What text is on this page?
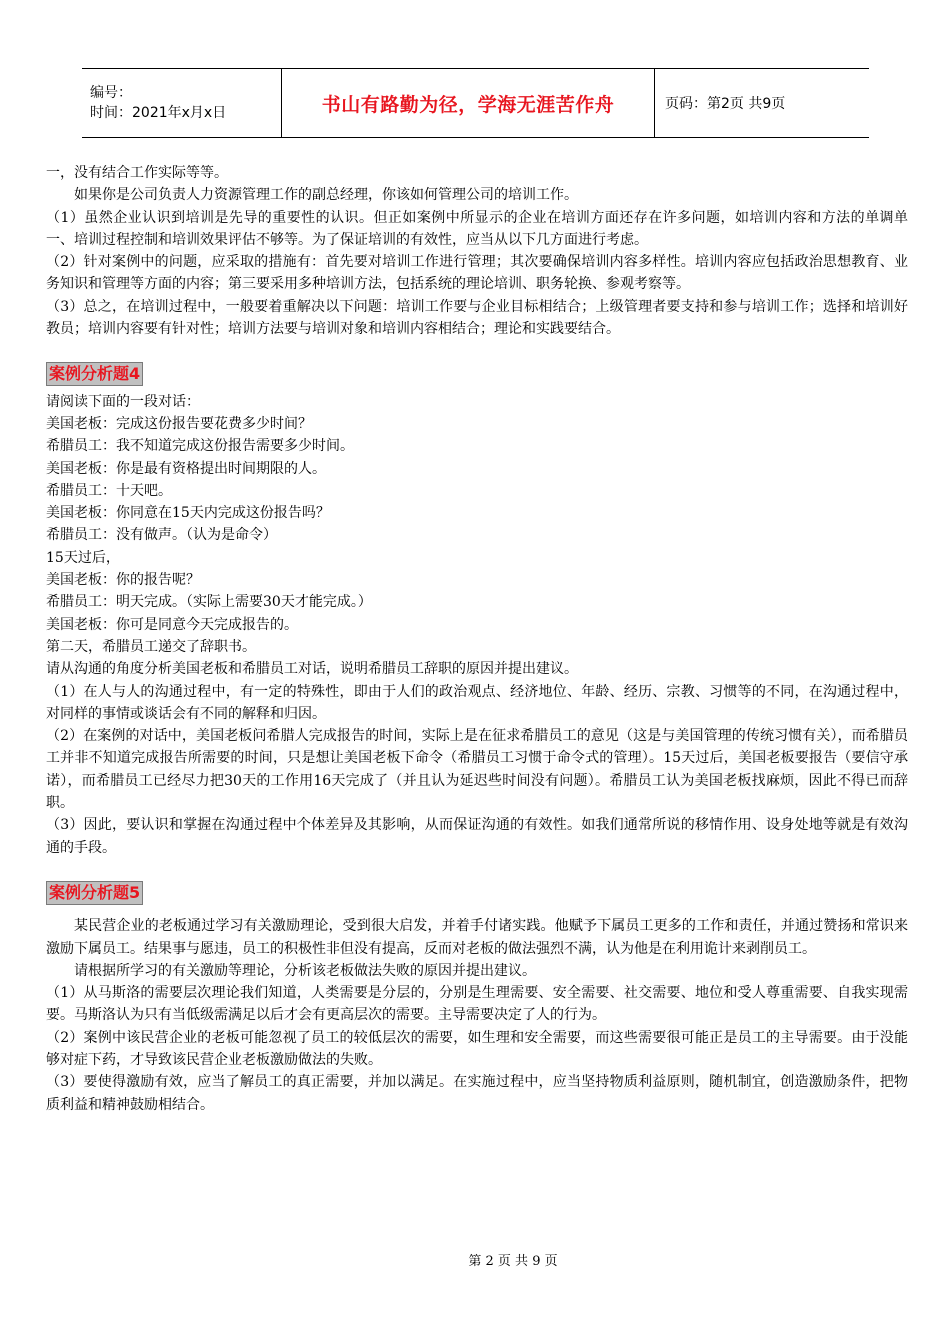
编号：
时间：2021年x月x日	书山有路勤为径，学海无涯苦作舟	页码：第2页 共9页

一，没有结合工作实际等等。

如果你是公司负责人力资源管理工作的副总经理，你该如何管理公司的培训工作。

（1）虽然企业认识到培训是先导的重要性的认识。但正如案例中所显示的企业在培训方面还存在许多问题，如培训内容和方法的单调单一、培训过程控制和培训效果评估不够等。为了保证培训的有效性，应当从以下几方面进行考虑。

（2）针对案例中的问题，应采取的措施有：首先要对培训工作进行管理；其次要确保培训内容多样性。培训内容应包括政治思想教育、业务知识和管理等方面的内容；第三要采用多种培训方法，包括系统的理论培训、职务轮换、参观考察等。

（3）总之，在培训过程中，一般要着重解决以下问题：培训工作要与企业目标相结合；上级管理者要支持和参与培训工作；选择和培训好教员；培训内容要有针对性；培训方法要与培训对象和培训内容相结合；理论和实践要结合。

案例分析题4

请阅读下面的一段对话：

美国老板：完成这份报告要花费多少时间？

希腊员工：我不知道完成这份报告需要多少时间。

美国老板：你是最有资格提出时间期限的人。

希腊员工：十天吧。

美国老板：你同意在15天内完成这份报告吗？

希腊员工：没有做声。（认为是命令）

15天过后，

美国老板：你的报告呢？

希腊员工：明天完成。（实际上需要30天才能完成。）

美国老板：你可是同意今天完成报告的。

第二天，希腊员工递交了辞职书。

请从沟通的角度分析美国老板和希腊员工对话，说明希腊员工辞职的原因并提出建议。

（1）在人与人的沟通过程中，有一定的特殊性，即由于人们的政治观点、经济地位、年龄、经历、宗教、习惯等的不同，在沟通过程中，对同样的事情或谈话会有不同的解释和归因。

（2）在案例的对话中，美国老板问希腊人完成报告的时间，实际上是在征求希腊员工的意见（这是与美国管理的传统习惯有关），而希腊员工并非不知道完成报告所需要的时间，只是想让美国老板下命令（希腊员工习惯于命令式的管理）。15天过后，美国老板要报告（要信守承诺），而希腊员工已经尽力把30天的工作用16天完成了（并且认为延迟些时间没有问题）。希腊员工认为美国老板找麻烦，因此不得已而辞职。

（3）因此，要认识和掌握在沟通过程中个体差异及其影响，从而保证沟通的有效性。如我们通常所说的移情作用、设身处地等就是有效沟通的手段。

案例分析题5

某民营企业的老板通过学习有关激励理论，受到很大启发，并着手付诸实践。他赋予下属员工更多的工作和责任，并通过赞扬和常识来激励下属员工。结果事与愿违，员工的积极性非但没有提高，反而对老板的做法强烈不满，认为他是在利用诡计来剥削员工。

请根据所学习的有关激励等理论，分析该老板做法失败的原因并提出建议。

（1）从马斯洛的需要层次理论我们知道，人类需要是分层的，分别是生理需要、安全需要、社交需要、地位和受人尊重需要、自我实现需要。马斯洛认为只有当低级需满足以后才会有更高层次的需要。主导需要决定了人的行为。

（2）案例中该民营企业的老板可能忽视了员工的较低层次的需要，如生理和安全需要，而这些需要很可能正是员工的主导需要。由于没能够对症下药，才导致该民营企业老板激励做法的失败。

（3）要使得激励有效，应当了解员工的真正需要，并加以满足。在实施过程中，应当坚持物质利益原则，随机制宜，创造激励条件，把物质利益和精神鼓励相结合。

第 2 页 共 9 页
